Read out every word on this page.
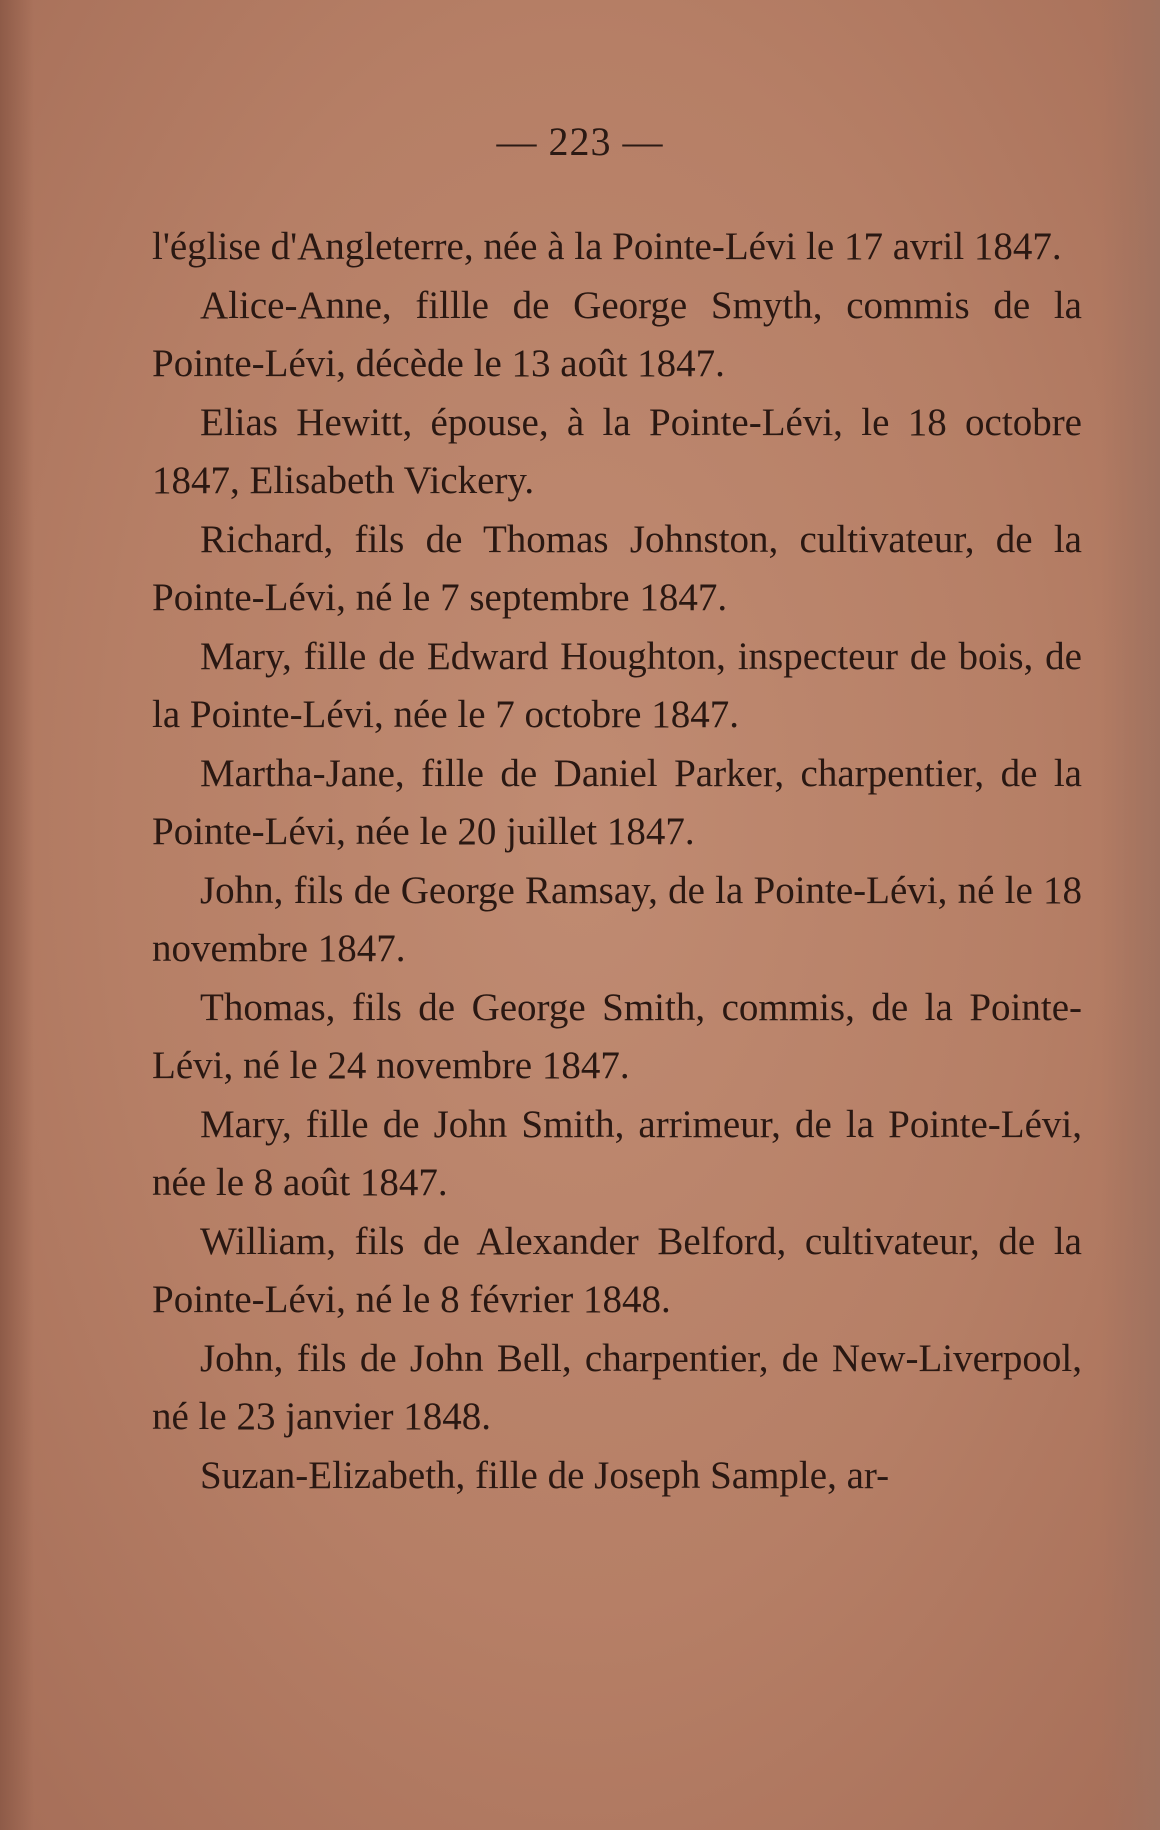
— 223 —

l'église d'Angleterre, née à la Pointe-Lévi le 17 avril 1847.

Alice-Anne, fillle de George Smyth, commis de la Pointe-Lévi, décède le 13 août 1847.

Elias Hewitt, épouse, à la Pointe-Lévi, le 18 octobre 1847, Elisabeth Vickery.

Richard, fils de Thomas Johnston, cultivateur, de la Pointe-Lévi, né le 7 septembre 1847.

Mary, fille de Edward Houghton, inspecteur de bois, de la Pointe-Lévi, née le 7 octobre 1847.

Martha-Jane, fille de Daniel Parker, charpentier, de la Pointe-Lévi, née le 20 juillet 1847.

John, fils de George Ramsay, de la Pointe-Lévi, né le 18 novembre 1847.

Thomas, fils de George Smith, commis, de la Pointe-Lévi, né le 24 novembre 1847.

Mary, fille de John Smith, arrimeur, de la Pointe-Lévi, née le 8 août 1847.

William, fils de Alexander Belford, cultivateur, de la Pointe-Lévi, né le 8 février 1848.

John, fils de John Bell, charpentier, de New-Liverpool, né le 23 janvier 1848.

Suzan-Elizabeth, fille de Joseph Sample, ar-
